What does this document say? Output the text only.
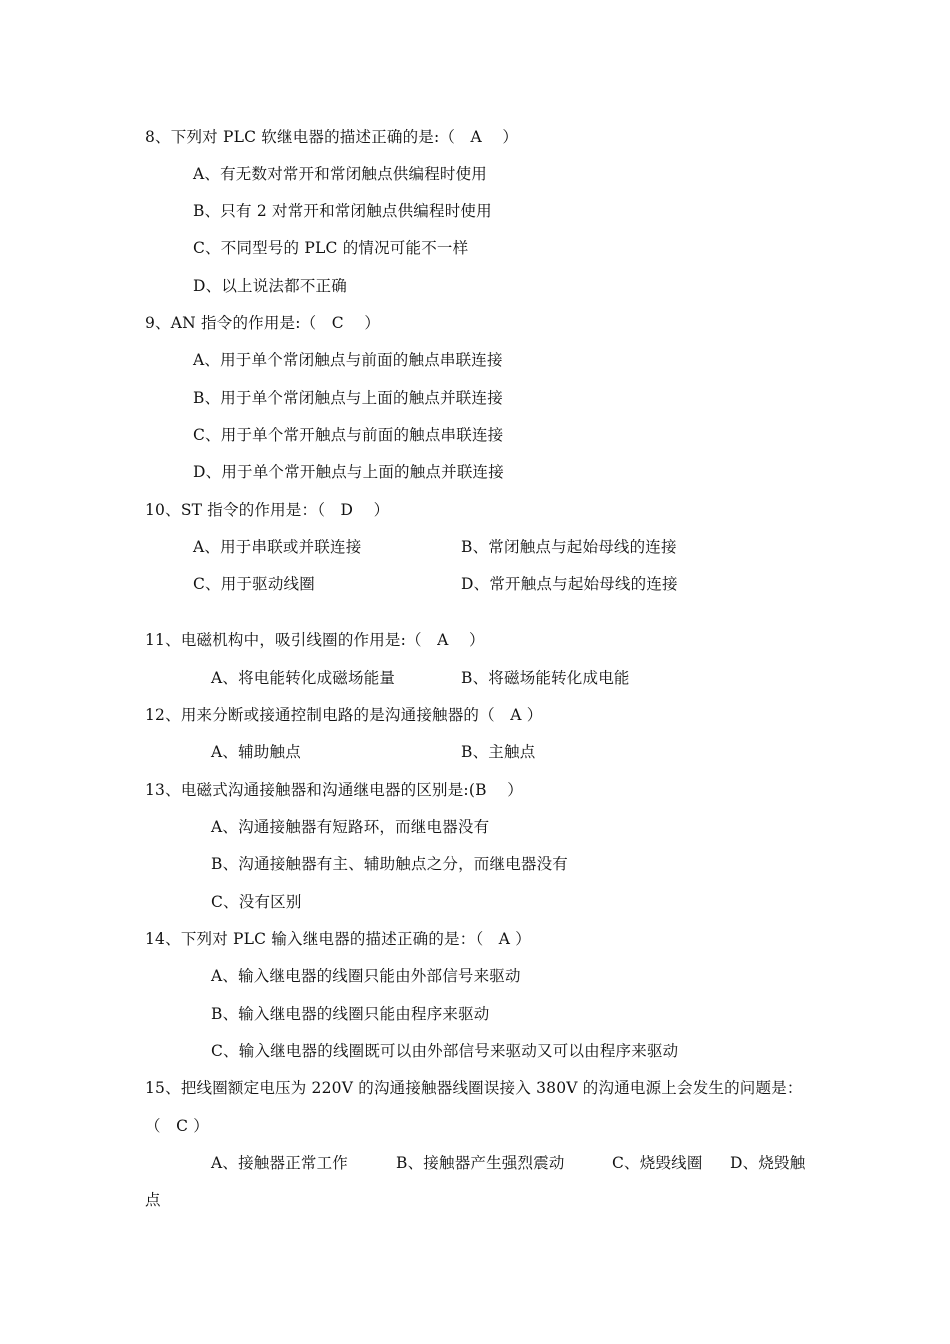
8、下列对 PLC 软继电器的描述正确的是:（   A    ）
A、有无数对常开和常闭触点供编程时使用
B、只有 2 对常开和常闭触点供编程时使用
C、不同型号的 PLC 的情况可能不一样
D、以上说法都不正确
9、AN 指令的作用是:（   C    ）
A、用于单个常闭触点与前面的触点串联连接
B、用于单个常闭触点与上面的触点并联连接
C、用于单个常开触点与前面的触点串联连接
D、用于单个常开触点与上面的触点并联连接
10、ST 指令的作用是：（   D    ）
A、用于串联或并联连接	B、常闭触点与起始母线的连接
C、用于驱动线圈	D、常开触点与起始母线的连接
11、电磁机构中，吸引线圈的作用是:（   A    ）
A、将电能转化成磁场能量	B、将磁场能转化成电能
12、用来分断或接通控制电路的是沟通接触器的（   A ）
A、辅助触点	B、主触点
13、电磁式沟通接触器和沟通继电器的区别是:(B    ）
A、沟通接触器有短路环，而继电器没有
B、沟通接触器有主、辅助触点之分，而继电器没有
C、没有区别
14、下列对 PLC 输入继电器的描述正确的是：（   A ）
A、输入继电器的线圈只能由外部信号来驱动
B、输入继电器的线圈只能由程序来驱动
C、输入继电器的线圈既可以由外部信号来驱动又可以由程序来驱动
15、把线圈额定电压为 220V 的沟通接触器线圈误接入 380V 的沟通电源上会发生的问题是：
（   C ）
A、接触器正常工作	B、接触器产生强烈震动	C、烧毁线圈 D、烧毁触
点
